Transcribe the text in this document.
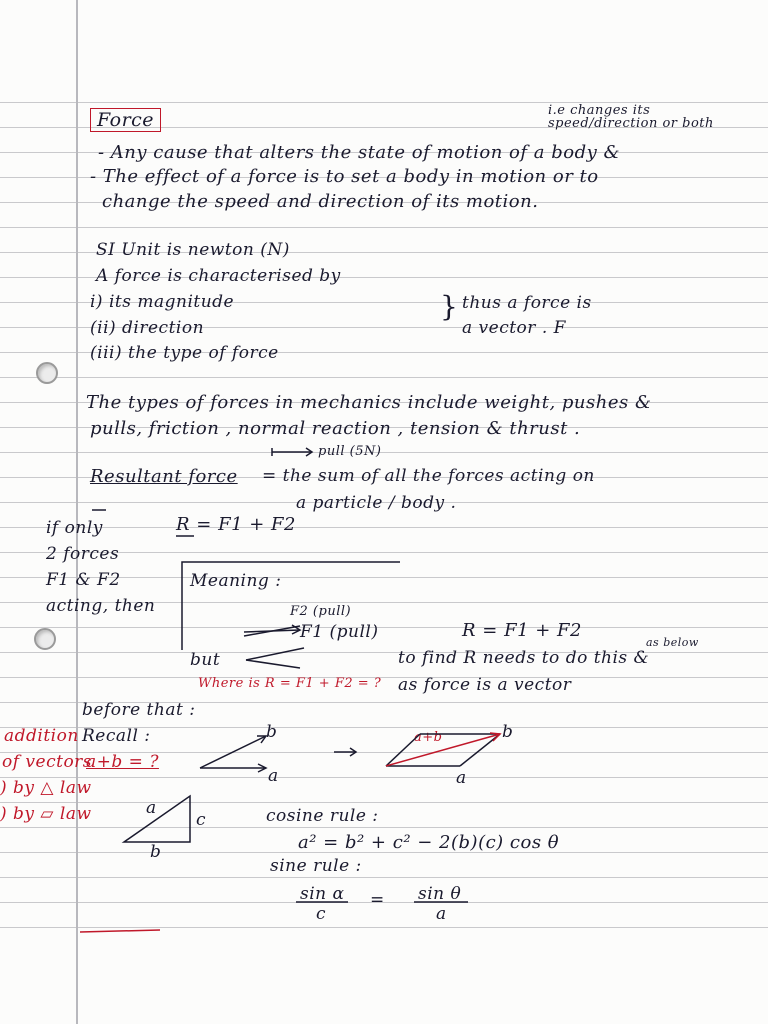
Force	i.e changes its speed/direction or both
- Any cause that alters the state of motion of a body &
- The effect of a force is to set a body in motion or to
change the speed and direction of its motion.
SI Unit is newton (N)
A force is characterised by
i) its magnitude
(ii) direction
(iii) the type of force
} thus a force is
a vector . F
The types of forces in mechanics include weight, pushes &
pulls, friction , normal reaction , tension & thrust .
pull (5N)
Resultant force = the sum of all the forces acting on
a particle / body .
if only
2 forces
F1 & F2
acting, then
R = F1 + F2
Meaning :
F2 (pull)
F1 (pull)	R = F1 + F2
as below
but	to find R needs to do this &
Where is R = F1 + F2 = ? as force is a vector
before that :
Recall :
addition
of vectors
a+b = ?
) by △ law
) by ▱ law
b
a
a+b	b
a
a
b
c	cosine rule :
a² = b² + c² − 2(b)(c) cos θ
sine rule :
sin α
c
= sin θ
a
